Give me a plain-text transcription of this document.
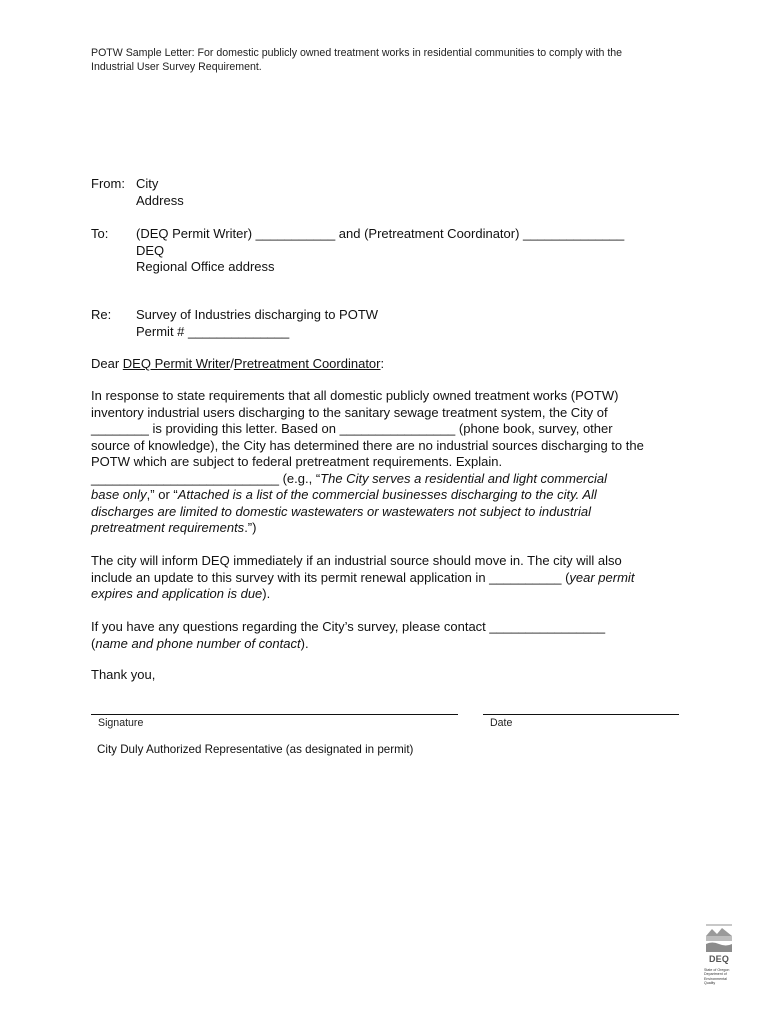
POTW Sample Letter: For domestic publicly owned treatment works in residential communities to comply with the
Industrial User Survey Requirement.
From: City
Address
To: (DEQ Permit Writer) ___________ and (Pretreatment Coordinator) ______________
DEQ
Regional Office address
Re: Survey of Industries discharging to POTW
Permit # ______________
Dear DEQ Permit Writer/Pretreatment Coordinator:
In response to state requirements that all domestic publicly owned treatment works (POTW)
inventory industrial users discharging to the sanitary sewage treatment system, the City of
________ is providing this letter. Based on ________________ (phone book, survey, other
source of knowledge), the City has determined there are no industrial sources discharging to the
POTW which are subject to federal pretreatment requirements. Explain.
__________________________ (e.g., “The City serves a residential and light commercial
base only,” or “Attached is a list of the commercial businesses discharging to the city. All
discharges are limited to domestic wastewaters or wastewaters not subject to industrial
pretreatment requirements.”)
The city will inform DEQ immediately if an industrial source should move in. The city will also
include an update to this survey with its permit renewal application in __________ (year permit
expires and application is due).
If you have any questions regarding the City’s survey, please contact ________________
(name and phone number of contact).
Thank you,
Signature	Date
City Duly Authorized Representative (as designated in permit)
DEQ
State of Oregon
Department of
Environmental
Quality
